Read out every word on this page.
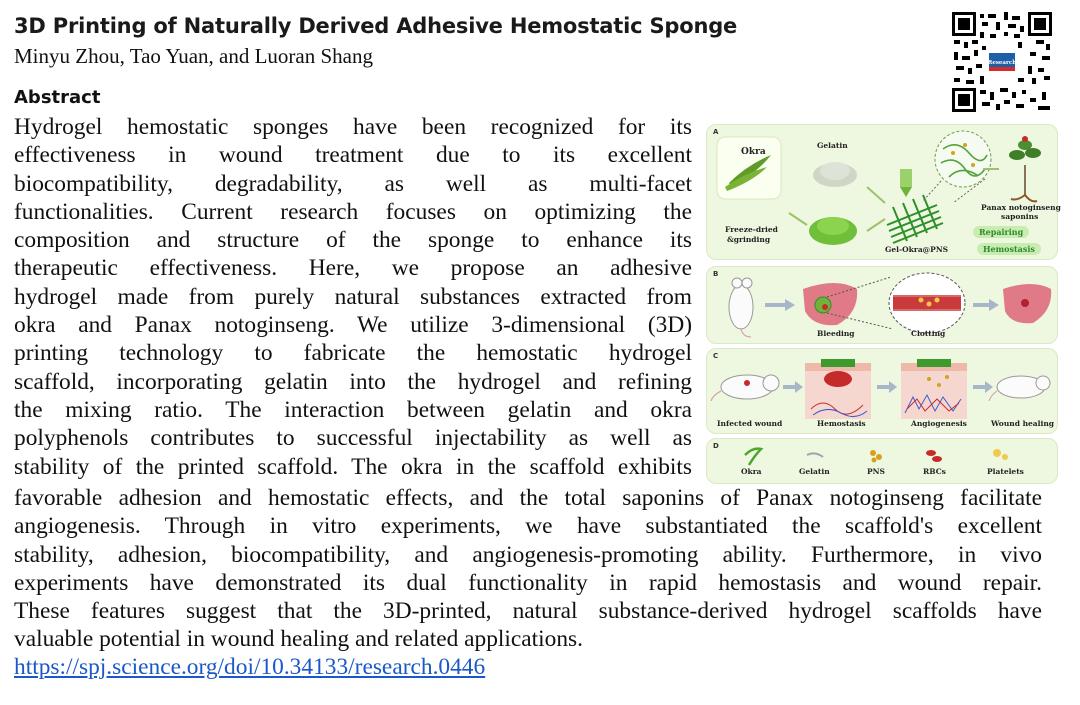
3D Printing of Naturally Derived Adhesive Hemostatic Sponge
Minyu Zhou, Tao Yuan, and Luoran Shang
Abstract
Research
Hydrogel hemostatic sponges have been recognized for its
effectiveness in wound treatment due to its excellent
biocompatibility, degradability, as well as multi-facet
functionalities. Current research focuses on optimizing the
composition and structure of the sponge to enhance its
therapeutic effectiveness. Here, we propose an adhesive
hydrogel made from purely natural substances extracted from
okra and Panax notoginseng. We utilize 3-dimensional (3D)
printing technology to fabricate the hemostatic hydrogel
scaffold, incorporating gelatin into the hydrogel and refining
the mixing ratio. The interaction between gelatin and okra
polyphenols contributes to successful injectability as well as
stability of the printed scaffold. The okra in the scaffold exhibits
favorable adhesion and hemostatic effects, and the total saponins of Panax notoginseng facilitate
angiogenesis. Through in vitro experiments, we have substantiated the scaffold's excellent
stability, adhesion, biocompatibility, and angiogenesis-promoting ability. Furthermore, in vivo
experiments have demonstrated its dual functionality in rapid hemostasis and wound repair.
These features suggest that the 3D-printed, natural substance-derived hydrogel scaffolds have
valuable potential in wound healing and related applications.
https://spj.science.org/doi/10.34133/research.0446
A
Okra
Gelatin
Freeze-dried
&grinding
Gel-Okra@PNS
Panax notoginseng
saponins
Repairing
Hemostasis
B
Bleeding	Clotting
C
Infected wound	Hemostasis	Angiogenesis	Wound healing
D
Okra	Gelatin	PNS	RBCs	Platelets
